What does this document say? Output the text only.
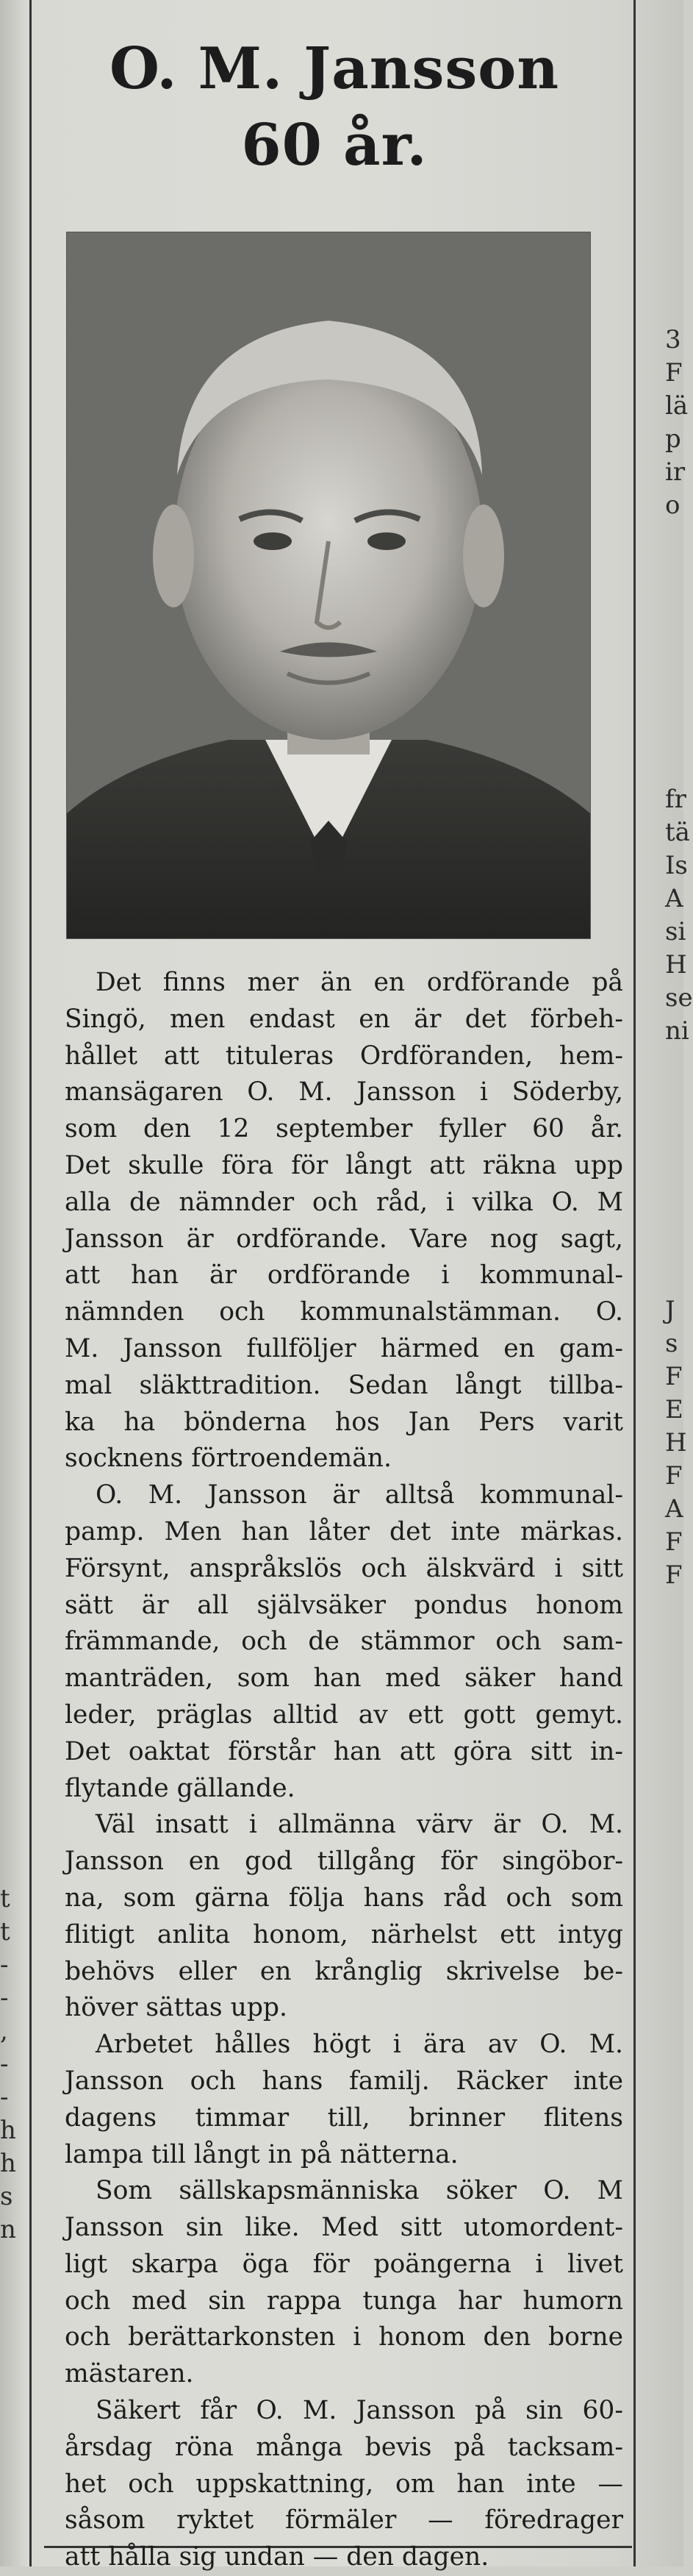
O. M. Jansson
60 år.
Det finns mer än en ordförande på
Singö, men endast en är det förbeh-
hållet att tituleras Ordföranden, hem-
mansägaren O. M. Jansson i Söderby,
som den 12 september fyller 60 år.
Det skulle föra för långt att räkna upp
alla de nämnder och råd, i vilka O. M
Jansson är ordförande. Vare nog sagt,
att han är ordförande i kommunal-
nämnden och kommunalstämman. O.
M. Jansson fullföljer härmed en gam-
mal släkttradition. Sedan långt tillba-
ka ha bönderna hos Jan Pers varit
socknens förtroendemän.
O. M. Jansson är alltså kommunal-
pamp. Men han låter det inte märkas.
Försynt, anspråkslös och älskvärd i sitt
sätt är all självsäker pondus honom
främmande, och de stämmor och sam-
manträden, som han med säker hand
leder, präglas alltid av ett gott gemyt.
Det oaktat förstår han att göra sitt in-
flytande gällande.
Väl insatt i allmänna värv är O. M.
Jansson en god tillgång för singöbor-
na, som gärna följa hans råd och som
flitigt anlita honom, närhelst ett intyg
behövs eller en krånglig skrivelse be-
höver sättas upp.
Arbetet hålles högt i ära av O. M.
Jansson och hans familj. Räcker inte
dagens timmar till, brinner flitens
lampa till långt in på nätterna.
Som sällskapsmänniska söker O. M
Jansson sin like. Med sitt utomordent-
ligt skarpa öga för poängerna i livet
och med sin rappa tunga har humorn
och berättarkonsten i honom den borne
mästaren.
Säkert får O. M. Jansson på sin 60-
årsdag röna många bevis på tacksam-
het och uppskattning, om han inte —
såsom ryktet förmäler — föredrager
att hålla sig undan — den dagen.
3
F
lä
p
ir
o
fr
tä
Is
A
si
H
se
ni
J
s
F
E
H
F
A
F
F
t
t
-
-
,
-
-
h
h
s
n
